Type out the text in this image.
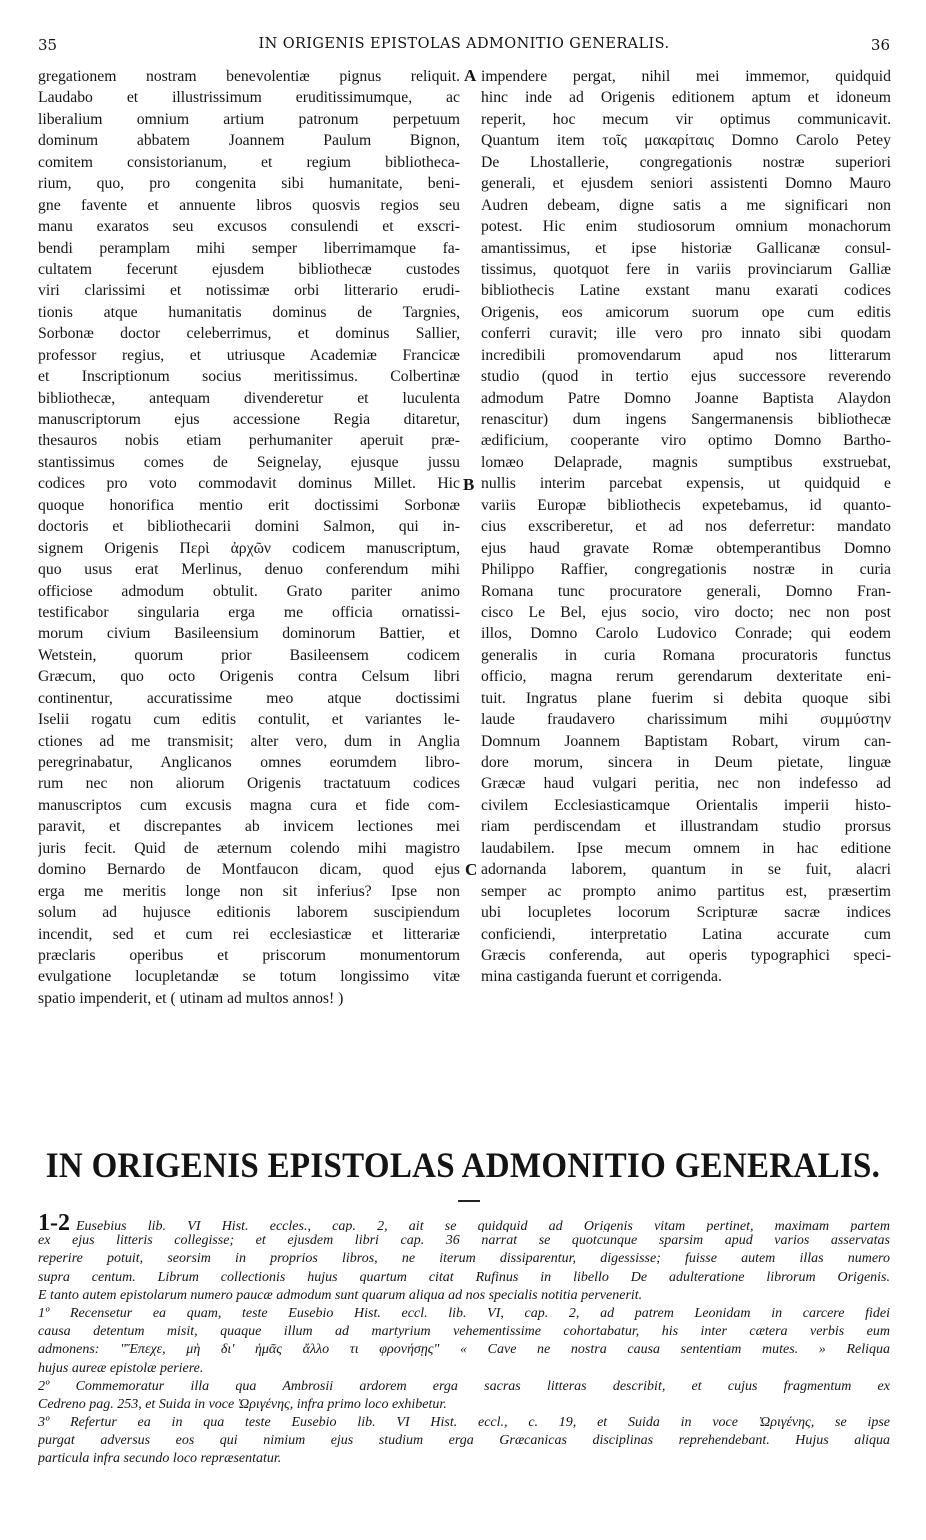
35	IN ORIGENIS EPISTOLAS ADMONITIO GENERALIS.	36
gregationem nostram benevolentiæ pignus reliquit.
Laudabo et illustrissimum eruditissimumque, ac
liberalium omnium artium patronum perpetuum
dominum abbatem Joannem Paulum Bignon,
comitem consistorianum, et regium bibliotheca-
rium, quo, pro congenita sibi humanitate, beni-
gne favente et annuente libros quosvis regios seu
manu exaratos seu excusos consulendi et exscri-
bendi peramplam mihi semper liberrimamque fa-
cultatem fecerunt ejusdem bibliothecæ custodes
viri clarissimi et notissimæ orbi litterario erudi-
tionis atque humanitatis dominus de Targnies,
Sorbonæ doctor celeberrimus, et dominus Sallier,
professor regius, et utriusque Academiæ Francicæ
et Inscriptionum socius meritissimus. Colbertinæ
bibliothecæ, antequam divenderetur et luculenta
manuscriptorum ejus accessione Regia ditaretur,
thesauros nobis etiam perhumaniter aperuit præ-
stantissimus comes de Seignelay, ejusque jussu
codices pro voto commodavit dominus Millet. Hic
quoque honorifica mentio erit doctissimi Sorbonæ
doctoris et bibliothecarii domini Salmon, qui in-
signem Origenis Περὶ ἀρχῶν codicem manuscriptum,
quo usus erat Merlinus, denuo conferendum mihi
officiose admodum obtulit. Grato pariter animo
testificabor singularia erga me officia ornatissi-
morum civium Basileensium dominorum Battier, et
Wetstein, quorum prior Basileensem codicem
Græcum, quo octo Origenis contra Celsum libri
continentur, accuratissime meo atque doctissimi
Iselii rogatu cum editis contulit, et variantes le-
ctiones ad me transmisit; alter vero, dum in Anglia
peregrinabatur, Anglicanos omnes eorumdem libro-
rum nec non aliorum Origenis tractatuum codices
manuscriptos cum excusis magna cura et fide com-
paravit, et discrepantes ab invicem lectiones mei
juris fecit. Quid de æternum colendo mihi magistro
domino Bernardo de Montfaucon dicam, quod ejus
erga me meritis longe non sit inferius? Ipse non
solum ad hujusce editionis laborem suscipiendum
incendit, sed et cum rei ecclesiasticæ et litterariæ
præclaris operibus et priscorum monumentorum
evulgatione locupletandæ se totum longissimo vitæ
spatio impenderit, et ( utinam ad multos annos! )
impendere pergat, nihil mei immemor, quidquid
hinc inde ad Origenis editionem aptum et idoneum
reperit, hoc mecum vir optimus communicavit.
Quantum item τοῖς μακαρίταις Domno Carolo Petey
De Lhostallerie, congregationis nostræ superiori
generali, et ejusdem seniori assistenti Domno Mauro
Audren debeam, digne satis a me significari non
potest. Hic enim studiosorum omnium monachorum
amantissimus, et ipse historiæ Gallicanæ consul-
tissimus, quotquot fere in variis provinciarum Galliæ
bibliothecis Latine exstant manu exarati codices
Origenis, eos amicorum suorum ope cum editis
conferri curavit; ille vero pro innato sibi quodam
incredibili promovendarum apud nos litterarum
studio (quod in tertio ejus successore reverendo
admodum Patre Domno Joanne Baptista Alaydon
renascitur) dum ingens Sangermanensis bibliothecæ
ædificium, cooperante viro optimo Domno Bartho-
lomæo Delaprade, magnis sumptibus exstruebat,
nullis interim parcebat expensis, ut quidquid e
variis Europæ bibliothecis expetebamus, id quanto-
cius exscriberetur, et ad nos deferretur: mandato
ejus haud gravate Romæ obtemperantibus Domno
Philippo Raffier, congregationis nostræ in curia
Romana tunc procuratore generali, Domno Fran-
cisco Le Bel, ejus socio, viro docto; nec non post
illos, Domno Carolo Ludovico Conrade; qui eodem
generalis in curia Romana procuratoris functus
officio, magna rerum gerendarum dexteritate eni-
tuit. Ingratus plane fuerim si debita quoque sibi
laude fraudavero charissimum mihi συμμύστην
Domnum Joannem Baptistam Robart, virum can-
dore morum, sincera in Deum pietate, linguæ
Græcæ haud vulgari peritia, nec non indefesso ad
civilem Ecclesiasticamque Orientalis imperii histo-
riam perdiscendam et illustrandam studio prorsus
laudabilem. Ipse mecum omnem in hac editione
adornanda laborem, quantum in se fuit, alacri
semper ac prompto animo partitus est, præsertim
ubi locupletes locorum Scripturæ sacræ indices
conficiendi, interpretatio Latina accurate cum
Græcis conferenda, aut operis typographici speci-
mina castiganda fuerunt et corrigenda.
A
B
C
IN ORIGENIS EPISTOLAS ADMONITIO GENERALIS.
1-2 Eusebius lib. VI Hist. eccles., cap. 2, ait se quidquid ad Origenis vitam pertinet, maximam partem
ex ejus litteris collegisse; et ejusdem libri cap. 36 narrat se quotcunque sparsim apud varios asservatas
reperire potuit, seorsim in proprios libros, ne iterum dissiparentur, digessisse; fuisse autem illas numero
supra centum. Librum collectionis hujus quartum citat Rufinus in libello De adulteratione librorum Origenis.
E tanto autem epistolarum numero paucæ admodum sunt quarum aliqua ad nos specialis notitia pervenerit.
1º Recensetur ea quam, teste Eusebio Hist. eccl. lib. VI, cap. 2, ad patrem Leonidam in carcere fidei
causa detentum misit, quaque illum ad martyrium vehementissime cohortabatur, his inter cætera verbis eum
admonens: "Ἔπεχε, μὴ δι' ἡμᾶς ἄλλο τι φρονήσῃς" « Cave ne nostra causa sententiam mutes. » Reliqua
hujus aureæ epistolæ periere.
2º Commemoratur illa qua Ambrosii ardorem erga sacras litteras describit, et cujus fragmentum ex
Cedreno pag. 253, et Suida in voce Ὠριγένης, infra primo loco exhibetur.
3º Refertur ea in qua teste Eusebio lib. VI Hist. eccl., c. 19, et Suida in voce Ὠριγένης, se ipse
purgat adversus eos qui nimium ejus studium erga Græcanicas disciplinas reprehendebant. Hujus aliqua
particula infra secundo loco repræsentatur.
